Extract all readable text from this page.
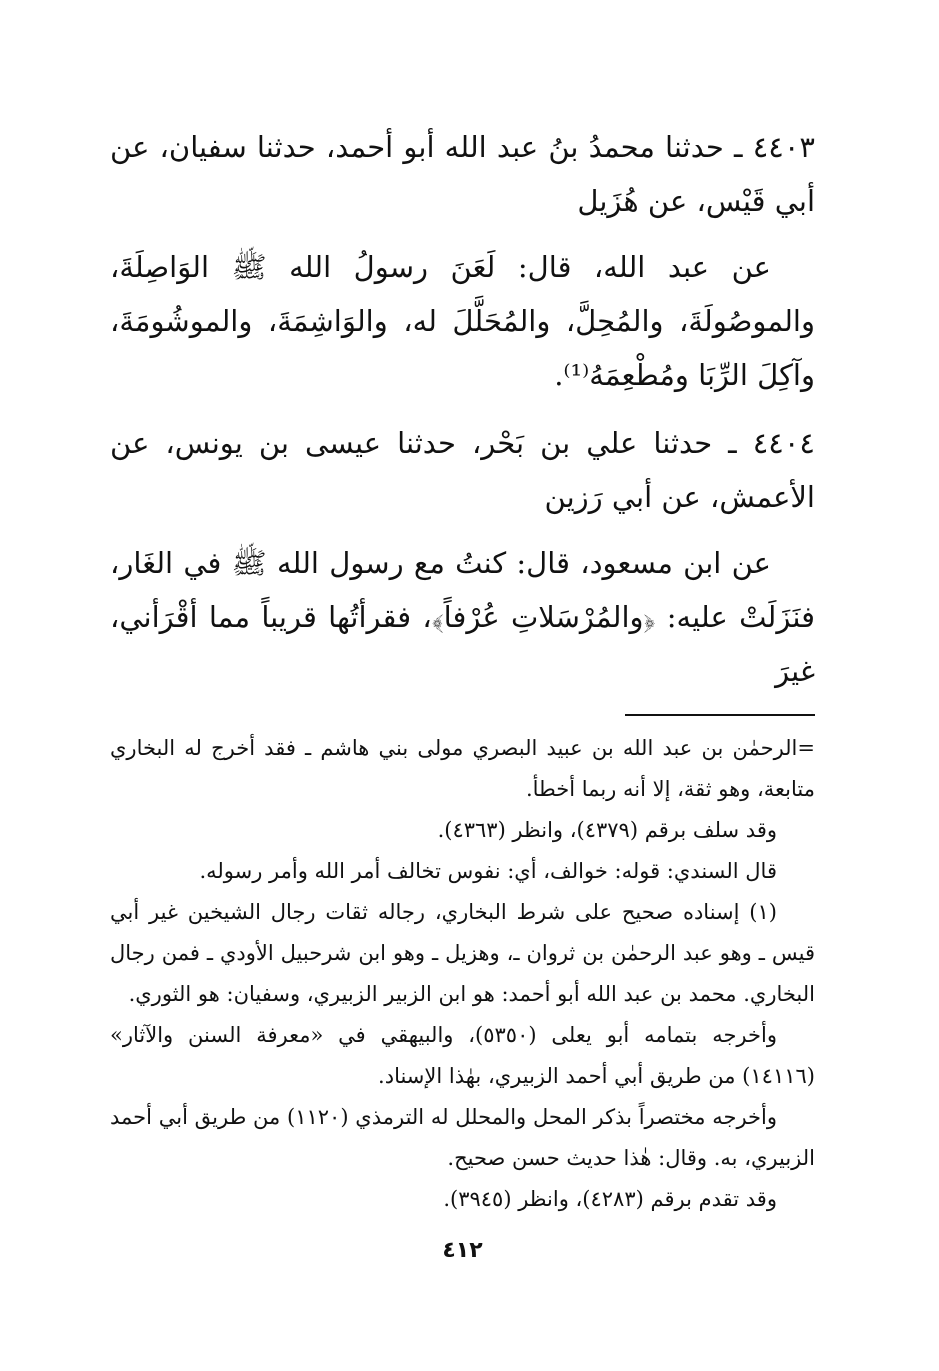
٤٤٠٣ ـ حدثنا محمدُ بنُ عبد الله أبو أحمد، حدثنا سفيان، عن أبي قَيْس، عن هُزَيل

عن عبد الله، قال: لَعَنَ رسولُ الله ﷺ الوَاصِلَةَ، والموصُولَةَ، والمُحِلَّ، والمُحَلَّلَ له، والوَاشِمَةَ، والموشُومَةَ، وآكِلَ الرِّبَا ومُطْعِمَهُ⁽¹⁾.

٤٤٠٤ ـ حدثنا علي بن بَحْر، حدثنا عيسى بن يونس، عن الأعمش، عن أبي رَزين

عن ابن مسعود، قال: كنتُ مع رسول الله ﷺ في الغَار، فنَزَلَتْ عليه: ﴿والمُرْسَلاتِ عُرْفاً﴾، فقرأتُها قريباً مما أقْرَأني، غيرَ

=الرحمٰن بن عبد الله بن عبيد البصري مولى بني هاشم ـ فقد أخرج له البخاري متابعة، وهو ثقة، إلا أنه ربما أخطأ.

وقد سلف برقم (٤٣٧٩)، وانظر (٤٣٦٣).

قال السندي: قوله: خوالف، أي: نفوس تخالف أمر الله وأمر رسوله.

(١) إسناده صحيح على شرط البخاري، رجاله ثقات رجال الشيخين غير أبي قيس ـ وهو عبد الرحمٰن بن ثروان ـ، وهزيل ـ وهو ابن شرحبيل الأودي ـ فمن رجال البخاري. محمد بن عبد الله أبو أحمد: هو ابن الزبير الزبيري، وسفيان: هو الثوري.

وأخرجه بتمامه أبو يعلى (٥٣٥٠)، والبيهقي في «معرفة السنن والآثار» (١٤١١٦) من طريق أبي أحمد الزبيري، بهٰذا الإسناد.

وأخرجه مختصراً بذكر المحل والمحلل له الترمذي (١١٢٠) من طريق أبي أحمد الزبيري، به. وقال: هٰذا حديث حسن صحيح.

وقد تقدم برقم (٤٢٨٣)، وانظر (٣٩٤٥).

٤١٢
